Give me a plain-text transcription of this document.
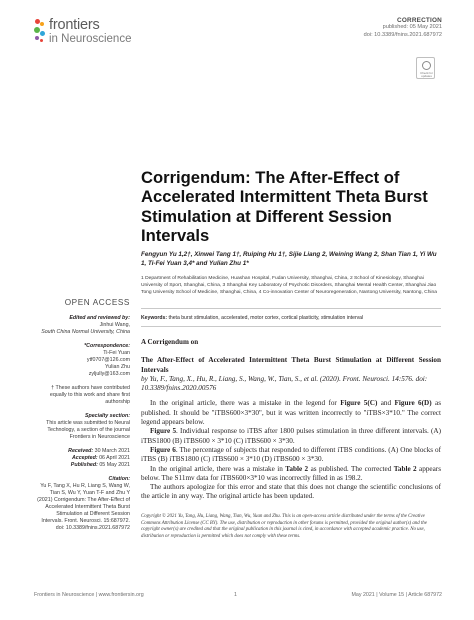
frontiers
in Neuroscience
CORRECTION
published: 05 May 2021
doi: 10.3389/fnins.2021.687972
Check for updates
Corrigendum: The After-Effect of Accelerated Intermittent Theta Burst Stimulation at Different Session Intervals
Fengyun Yu 1,2†, Xinwei Tang 1†, Ruiping Hu 1†, Sijie Liang 2, Weining Wang 2, Shan Tian 1, Yi Wu 1, Ti-Fei Yuan 3,4* and Yulian Zhu 1*
1 Department of Rehabilitation Medicine, Huashan Hospital, Fudan University, Shanghai, China, 2 School of Kinesiology, Shanghai University of Sport, Shanghai, China, 3 Shanghai Key Laboratory of Psychotic Disorders, Shanghai Mental Health Center, Shanghai Jiao Tong University School of Medicine, Shanghai, China, 4 Co-innovation Center of Neuroregeneration, Nantong University, Nantong, China
Keywords: theta burst stimulation, accelerated, motor cortex, cortical plasticity, stimulation interval
OPEN ACCESS

Edited and reviewed by:

Jinhui Wang,

South China Normal University, China

*Correspondence:

Ti-Fei Yuan

ytf0707@126.com

Yulian Zhu

zyljully@163.com

† These authors have contributed equally to this work and share first authorship

Specialty section:

This article was submitted to Neural Technology, a section of the journal Frontiers in Neuroscience

Received: 30 March 2021

Accepted: 06 April 2021

Published: 05 May 2021

Citation:

Yu F, Tang X, Hu R, Liang S, Wang W, Tian S, Wu Y, Yuan T-F and Zhu Y (2021) Corrigendum: The After-Effect of Accelerated Intermittent Theta Burst Stimulation at Different Session Intervals. Front. Neurosci. 15:687972. doi: 10.3389/fnins.2021.687972

A Corrigendum on
The After-Effect of Accelerated Intermittent Theta Burst Stimulation at Different Session Intervals
by Yu, F., Tang, X., Hu, R., Liang, S., Wang, W., Tian, S., et al. (2020). Front. Neurosci. 14:576. doi: 10.3389/fnins.2020.00576

In the original article, there was a mistake in the legend for Figure 5(C) and Figure 6(D) as published. It should be "iTBS600×3*30", but it was written incorrectly to "iTBS×3*10." The correct legend appears below.

Figure 5. Individual response to iTBS after 1800 pulses stimulation in three different intervals. (A) iTBS1800 (B) iTBS600 × 3*10 (C) iTBS600 × 3*30.

Figure 6. The percentage of subjects that responded to different iTBS conditions. (A) One blocks of iTBS (B) iTBS1800 (C) iTBS600 × 3*10 (D) iTBS600 × 3*30.

In the original article, there was a mistake in Table 2 as published. The corrected Table 2 appears below. The S11mv data for iTBS600×3*10 was incorrectly filled in as 198.2.

The authors apologize for this error and state that this does not change the scientific conclusions of the article in any way. The original article has been updated.

Copyright © 2021 Yu, Tang, Hu, Liang, Wang, Tian, Wu, Yuan and Zhu. This is an open-access article distributed under the terms of the Creative Commons Attribution License (CC BY). The use, distribution or reproduction in other forums is permitted, provided the original author(s) and the copyright owner(s) are credited and that the original publication in this journal is cited, in accordance with accepted academic practice. No use, distribution or reproduction is permitted which does not comply with these terms.
Frontiers in Neuroscience | www.frontiersin.org	1	May 2021 | Volume 15 | Article 687972
